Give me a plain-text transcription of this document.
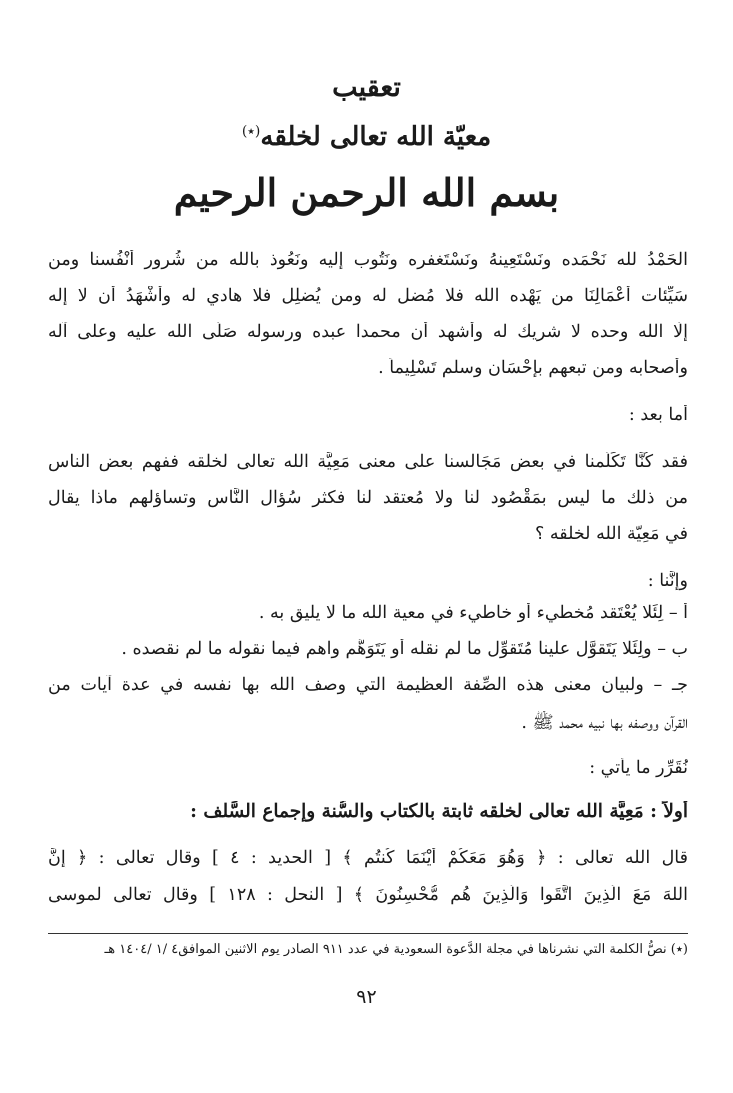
تعقيب
معيّة الله تعالى لخلقه(٭)
بسم الله الرحمن الرحيم
الحَمْدُ لله نَحْمَده ونَسْتَعِينهُ ونَسْتَغفره ونَتُوب إليه ونَعُوذ بالله من شُرور أَنْفُسنا ومن
سَيِّئات أَعْمَالِنَا من يَهْده الله فلا مُضل له ومن يُضلِل فلا هادي له وأَشْهَدُ أن لا إله
إِلَّا الله وحده لا شريك له وأشهد أن محمدا عبده ورسوله صَلَّى الله عليه وعلى آله
وأصحابه ومن تبعهم بإِحْسَان وسلم تَسْلِيماً .
أما بعد :
فقد كُنَّا تَكَلَّمنا في بعض مَجَالسنا على معنى مَعِيَّة الله تعالى لخلقه ففهم بعض الناس
من ذلك ما ليس بمَقْصُود لنا ولا مُعتقد لنا فكثر سُؤال النَّاس وتساؤلهم ماذا يقال
في مَعِيّة الله لخلقه ؟
وإِنَّنا :
أ – لِئَلا يُعْتَقد مُخطيء أَو خاطيء في معية الله ما لا يليق به .
ب – ولِئَلا يَتَقوَّل علينا مُتَقوِّل ما لم نقله أو يَتَوَهَّم واهم فيما نقوله ما لم نقصده .
جـ – ولبيان معنى هذه الصِّفة العظيمة التي وصف الله بها نفسه في عدة آيات من
القرآن ووصفه بها نبيه محمد ﷺ .
نُقَرِّر ما يأتي :
أولاً : مَعِيَّة الله تعالى لخلقه ثابتة بالكتاب والسُّنة وإجماع السَّلف :
قال الله تعالى : ﴿ وَهُوَ مَعَكُمْ أَيْنَمَا كُنتُم ﴾ [ الحديد : ٤ ] وقال تعالى : ﴿ إِنَّ
اللهَ مَعَ الَّذِينَ اتَّقَوا وَالَّذِينَ هُم مُّحْسِنُونَ ﴾ [ النحل : ١٢٨ ] وقال تعالى لموسى
(٭) نصُّ الكلمة التي نشرناها في مجلة الدَّعوة السعودية في عدد ٩١١ الصادر يوم الاثنين الموافق٤ /١ /١٤٠٤ هـ
٩٢
